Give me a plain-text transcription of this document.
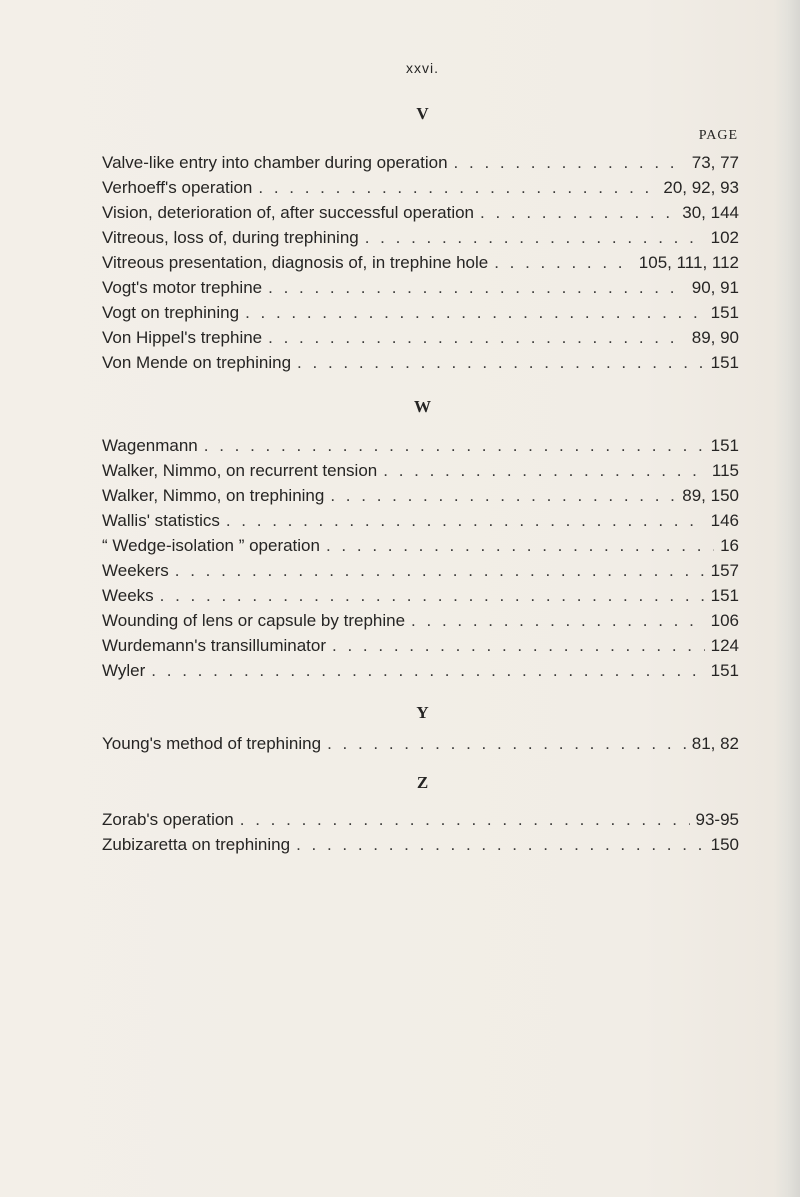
xxvi.
V
PAGE
Valve-like entry into chamber during operation . . .	73, 77
Verhoeff's operation . . .	20, 92, 93
Vision, deterioration of, after successful operation . . .	30, 144
Vitreous, loss of, during trephining . . .	102
Vitreous presentation, diagnosis of, in trephine hole . . .	105, 111, 112
Vogt's motor trephine . . .	90, 91
Vogt on trephining . . .	151
Von Hippel's trephine . . .	89, 90
Von Mende on trephining . . .	151
W
Wagenmann . . .	151
Walker, Nimmo, on recurrent tension . . .	115
Walker, Nimmo, on trephining . . .	89, 150
Wallis' statistics . . .	146
“ Wedge-isolation ” operation . . .	16
Weekers . . .	157
Weeks . . .	151
Wounding of lens or capsule by trephine . . .	106
Wurdemann's transilluminator . . .	124
Wyler . . .	151
Y
Young's method of trephining . . .	81, 82
Z
Zorab's operation . . .	93-95
Zubizaretta on trephining . . .	150
